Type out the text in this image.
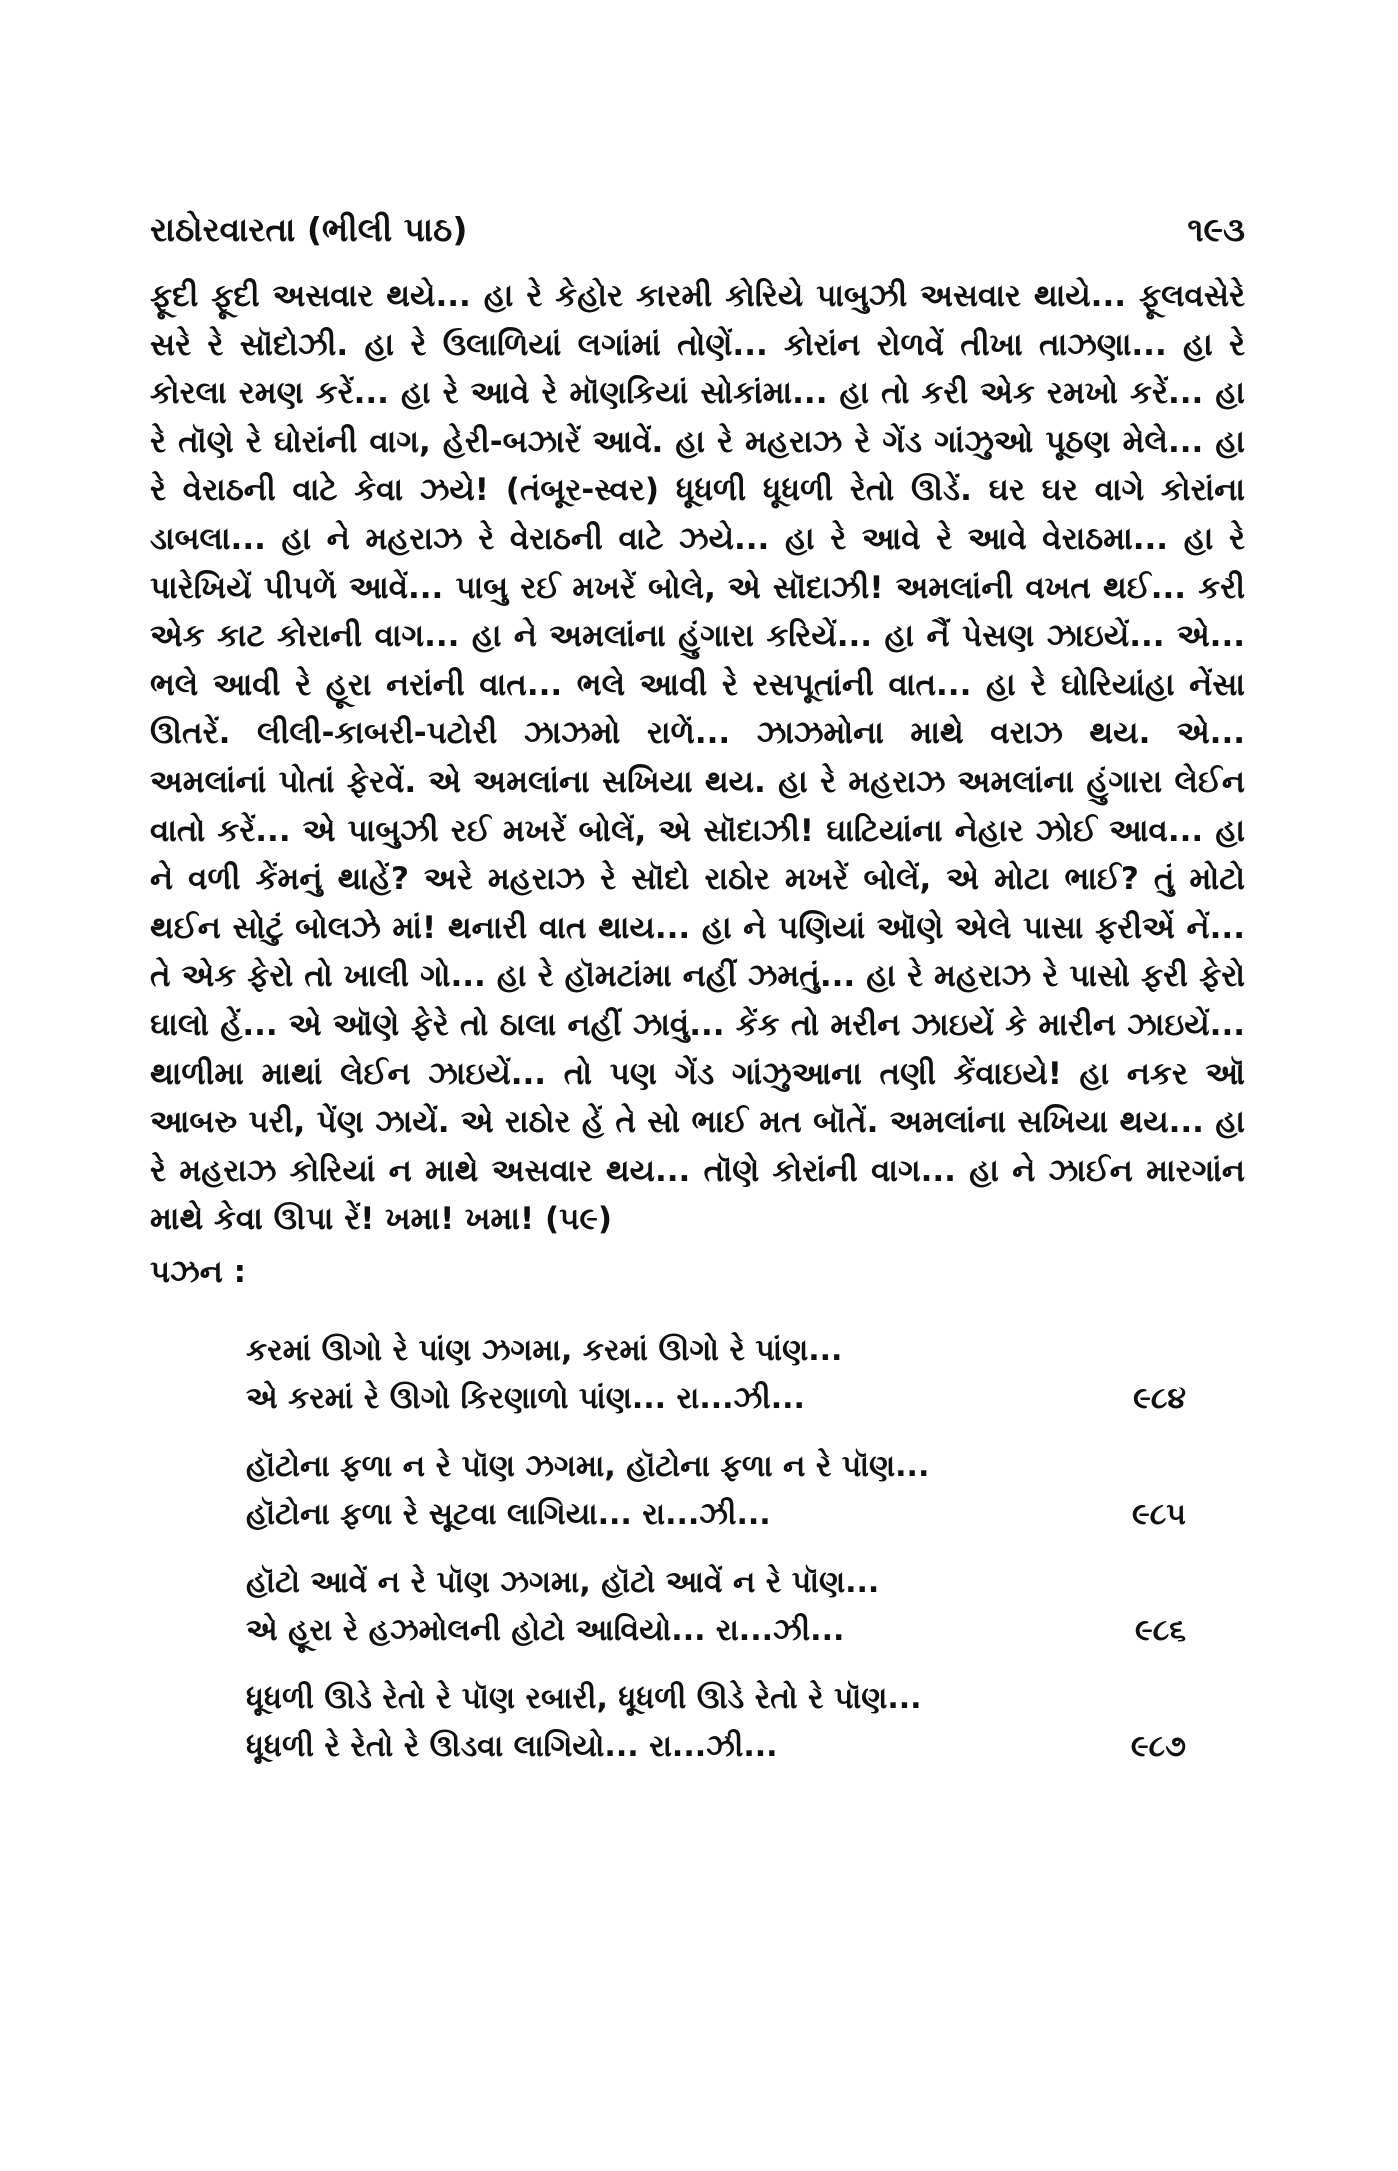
રાઠોરવારતા (ભીલી પાઠ)	૧૯૩

ફૂદી ફૂદી અસવાર થયે... હા રે કેહોર કારમી કોરિયે પાબુઝી અસવાર થાયે... ફૂલવસેરે સરે રે સૉદોઝી. હા રે ઉલાળિયાં લગાંમાં તોણેં... કોરાંન રોળવેં તીખા તાઝણા... હા રે કોરલા રમણ કરેં... હા રે આવે રે મૉણકિયાં સોકાંમા... હા તો કરી એક રમખો કરેં... હા રે તૉણે રે ઘોરાંની વાગ, હેરી-બઝારેં આવેં. હા રે મહરાઝ રે ગેંડ ગાંઝુઓ પૂઠણ મેલે... હા રે વેરાઠની વાટે કેવા ઝયે! (તંબૂર-સ્વર) ધૂધળી ધૂધળી રેતો ઊડેં. ઘર ઘર વાગે કોરાંના ડાબલા... હા ને મહરાઝ રે વેરાઠની વાટે ઝયે... હા રે આવે રે આવે વેરાઠમા... હા રે પારેખિયેં પીપળેં આવેં... પાબુ રઈ મખરેં બોલે, એ સૉદાઝી! અમલાંની વખત થઈ... કરી એક કાટ કોરાની વાગ... હા ને અમલાંના હુંગારા કરિયેં... હા નૈં પેસણ ઝાઇયેં... એ... ભલે આવી રે હૂરા નરાંની વાત... ભલે આવી રે રસપૂતાંની વાત... હા રે ઘોરિયાંહા નેંસા ઊતરેં. લીલી-કાબરી-પટોરી ઝાઝમો રાળેં... ઝાઝમોના માથે વરાઝ થય. એ... અમલાંનાં પોતાં ફેરવેં. એ અમલાંના સખિયા થય. હા રે મહરાઝ અમલાંના હુંગારા લેઈન વાતો કરેં... એ પાબુઝી રઈ મખરેં બોલેં, એ સૉદાઝી! ઘાટિયાંના નેહાર ઝોઈ આવ... હા ને વળી કેંમનું થાહેં? અરે મહરાઝ રે સૉદો રાઠોર મખરેં બોલેં, એ મોટા ભાઈ? તું મોટો થઈન સોટું બોલઝે માં! થનારી વાત થાય... હા ને પણિયાં ઑણે એલે પાસા ફરીએં નેં... તે એક ફેરો તો ખાલી ગો... હા રે હૉમટાંમા નહીં ઝમતું... હા રે મહરાઝ રે પાસો ફરી ફેરો ઘાલો હેં... એ ઑણે ફેરે તો ઠાલા નહીં ઝાવું... કેંક તો મરીન ઝાઇયેં કે મારીન ઝાઇયેં... થાળીમા માથાં લેઈન ઝાઇયેં... તો પણ ગેંડ ગાંઝુઆના તણી કેંવાઇયે! હા નકર ઑ આબરુ પરી, પેંણ ઝાયેં. એ રાઠોર હેં તે સો ભાઈ મત બૉતેં. અમલાંના સખિયા થય... હા રે મહરાઝ કોરિયાં ન માથે અસવાર થય... તૉણે કોરાંની વાગ... હા ને ઝાઈન મારગાંન માથે કેવા ઊપા રેં! ખમા! ખમા! (૫૯)

પઝન :
કરમાં ઊગો રે પાંણ ઝગમા, કરમાં ઊગો રે પાંણ...
એ કરમાં રે ઊગો કિરણાળો પાંણ... રા...ઝી...	૯૮૪
હૉટોના ફળા ન રે પૉણ ઝગમા, હૉટોના ફળા ન રે પૉણ...
હૉટોના ફળા રે સૂટવા લાગિયા... રા...ઝી...	૯૮૫
હૉટો આવેં ન રે પૉણ ઝગમા, હૉટો આવેં ન રે પૉણ...
એ હૂરા રે હઝમોલની હોટો આવિયો... રા...ઝી...	૯૮૬
ધૂધળી ઊડે રેતો રે પૉણ રબારી, ધૂધળી ઊડે રેતો રે પૉણ...
ધૂધળી રે રેતો રે ઊડવા લાગિયો... રા...ઝી...	૯૮૭
